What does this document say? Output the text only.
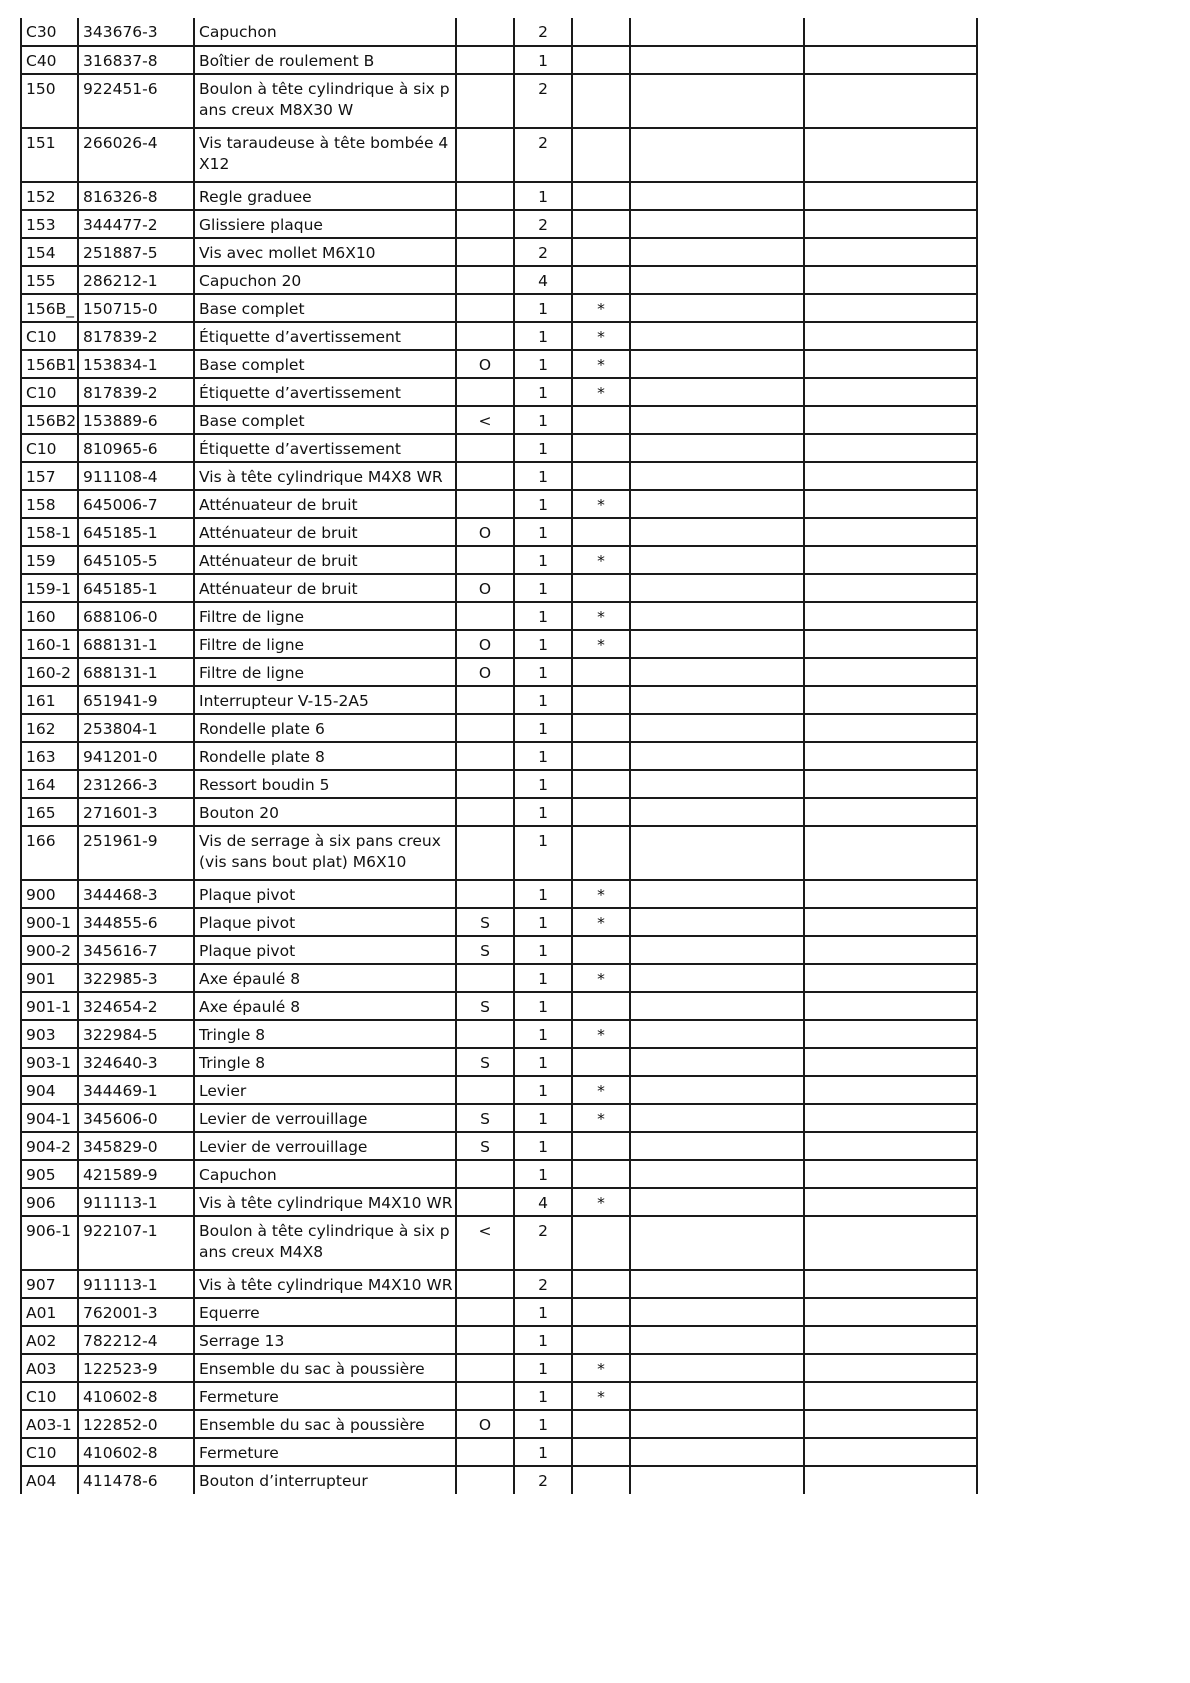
C30	343676-3	Capuchon		2			
C40	316837-8	Boîtier de roulement B		1			
150	922451-6	Boulon à tête cylindrique à six pans creux M8X30 W		2			
151	266026-4	Vis taraudeuse à tête bombée 4X12		2			
152	816326-8	Regle graduee		1			
153	344477-2	Glissiere plaque		2			
154	251887-5	Vis avec mollet M6X10		2			
155	286212-1	Capuchon 20		4			
156B_	150715-0	Base complet		1	*		
C10	817839-2	Étiquette d’avertissement		1	*		
156B1	153834-1	Base complet	O	1	*		
C10	817839-2	Étiquette d’avertissement		1	*		
156B2	153889-6	Base complet	<	1			
C10	810965-6	Étiquette d’avertissement		1			
157	911108-4	Vis à tête cylindrique M4X8 WR		1			
158	645006-7	Atténuateur de bruit		1	*		
158-1	645185-1	Atténuateur de bruit	O	1			
159	645105-5	Atténuateur de bruit		1	*		
159-1	645185-1	Atténuateur de bruit	O	1			
160	688106-0	Filtre de ligne		1	*		
160-1	688131-1	Filtre de ligne	O	1	*		
160-2	688131-1	Filtre de ligne	O	1			
161	651941-9	Interrupteur V-15-2A5		1			
162	253804-1	Rondelle plate 6		1			
163	941201-0	Rondelle plate 8		1			
164	231266-3	Ressort boudin 5		1			
165	271601-3	Bouton 20		1			
166	251961-9	Vis de serrage à six pans creux (vis sans bout plat) M6X10		1			
900	344468-3	Plaque pivot		1	*		
900-1	344855-6	Plaque pivot	S	1	*		
900-2	345616-7	Plaque pivot	S	1			
901	322985-3	Axe épaulé 8		1	*		
901-1	324654-2	Axe épaulé 8	S	1			
903	322984-5	Tringle 8		1	*		
903-1	324640-3	Tringle 8	S	1			
904	344469-1	Levier		1	*		
904-1	345606-0	Levier de verrouillage	S	1	*		
904-2	345829-0	Levier de verrouillage	S	1			
905	421589-9	Capuchon		1			
906	911113-1	Vis à tête cylindrique M4X10 WR		4	*		
906-1	922107-1	Boulon à tête cylindrique à six pans creux M4X8	<	2			
907	911113-1	Vis à tête cylindrique M4X10 WR		2			
A01	762001-3	Equerre		1			
A02	782212-4	Serrage 13		1			
A03	122523-9	Ensemble du sac à poussière		1	*		
C10	410602-8	Fermeture		1	*		
A03-1	122852-0	Ensemble du sac à poussière	O	1			
C10	410602-8	Fermeture		1			
A04	411478-6	Bouton d’interrupteur		2			
